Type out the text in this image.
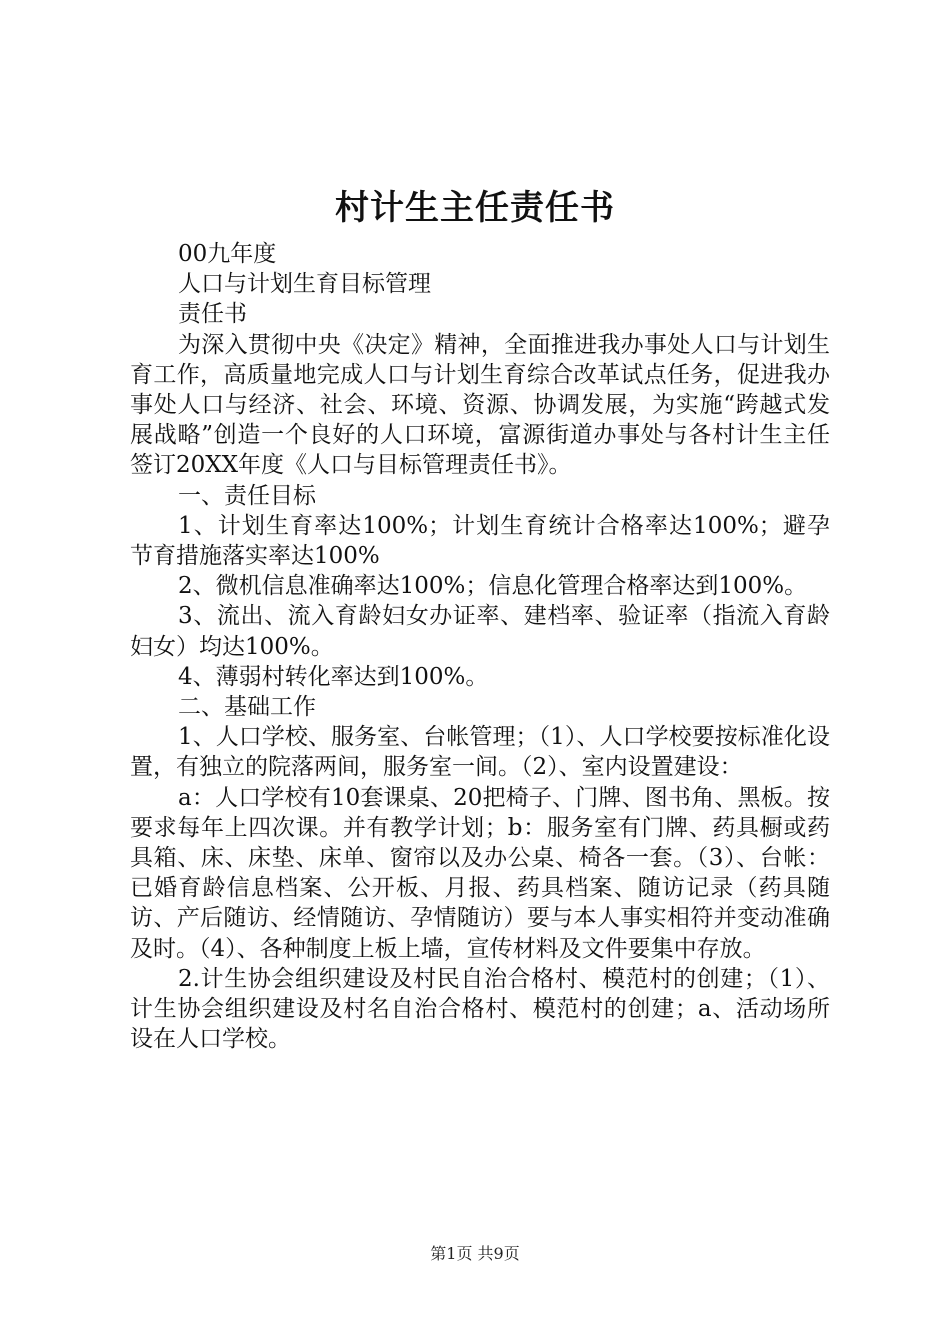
村计生主任责任书

00九年度

人口与计划生育目标管理

责任书

为深入贯彻中央《决定》精神，全面推进我办事处人口与计划生育工作，高质量地完成人口与计划生育综合改革试点任务，促进我办事处人口与经济、社会、环境、资源、协调发展，为实施“跨越式发展战略”创造一个良好的人口环境，富源街道办事处与各村计生主任签订20XX年度《人口与目标管理责任书》。

一、责任目标

1、计划生育率达100%；计划生育统计合格率达100%；避孕节育措施落实率达100%

2、微机信息准确率达100%；信息化管理合格率达到100%。

3、流出、流入育龄妇女办证率、建档率、验证率（指流入育龄妇女）均达100%。

4、薄弱村转化率达到100%。

二、基础工作

1、人口学校、服务室、台帐管理；（1）、人口学校要按标准化设置，有独立的院落两间，服务室一间。（2）、室内设置建设：

a：人口学校有10套课桌、20把椅子、门牌、图书角、黑板。按要求每年上四次课。并有教学计划；b：服务室有门牌、药具橱或药具箱、床、床垫、床单、窗帘以及办公桌、椅各一套。（3）、台帐：已婚育龄信息档案、公开板、月报、药具档案、随访记录（药具随访、产后随访、经情随访、孕情随访）要与本人事实相符并变动准确及时。（4）、各种制度上板上墙，宣传材料及文件要集中存放。

2.计生协会组织建设及村民自治合格村、模范村的创建；（1）、计生协会组织建设及村名自治合格村、模范村的创建；a、活动场所设在人口学校。

第1页 共9页
